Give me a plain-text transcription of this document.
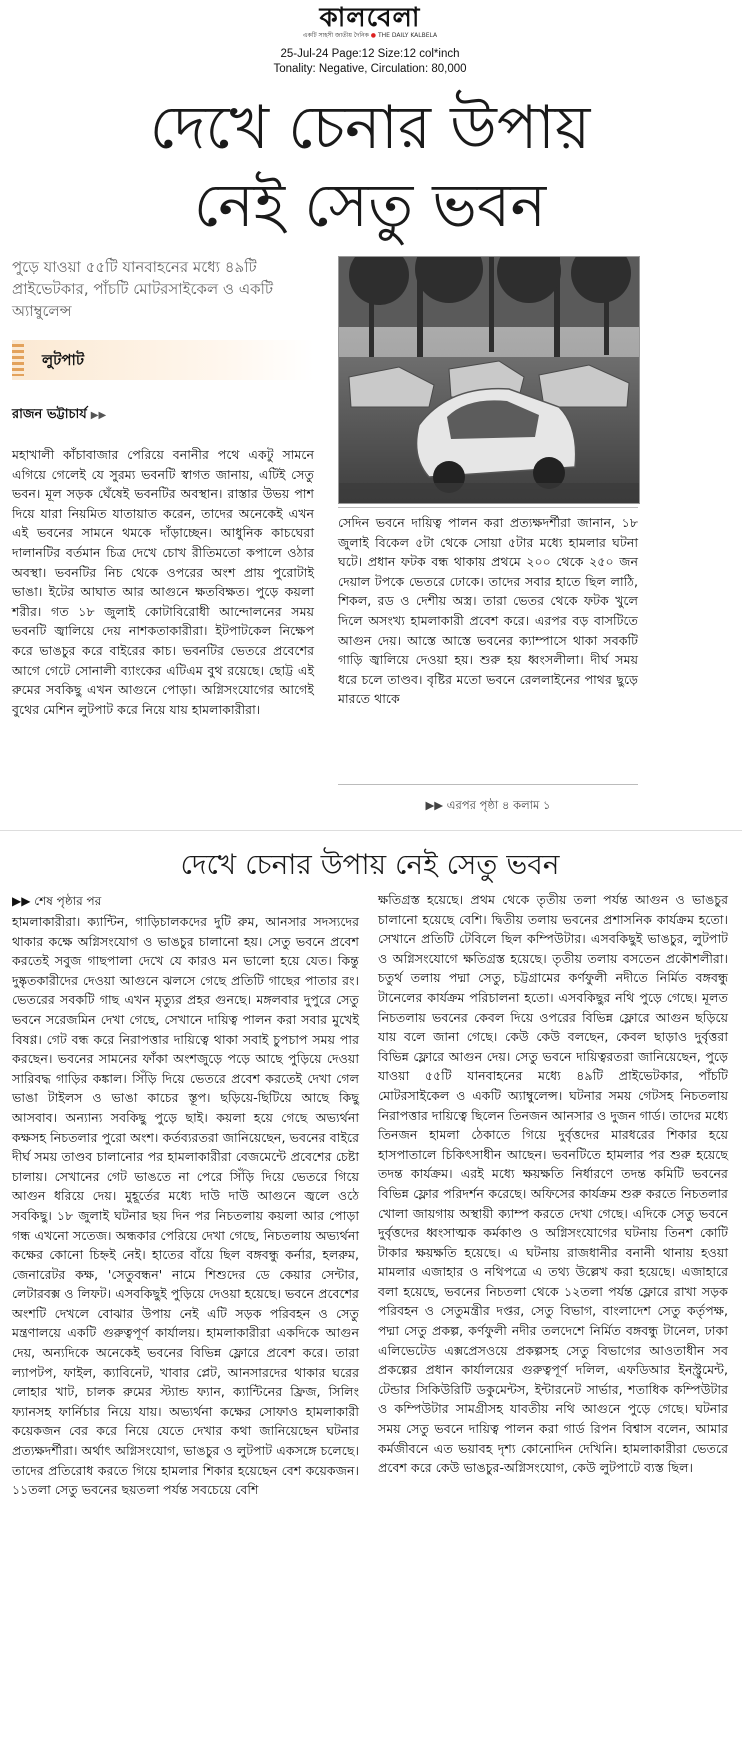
কালবেলা
একটি সাহসী জাতীয় দৈনিক ● THE DAILY KALBELA
25-Jul-24 Page:12 Size:12 col*inch
Tonality: Negative, Circulation: 80,000
দেখে চেনার উপায়
নেই সেতু ভবন
পুড়ে যাওয়া ৫৫টি যানবাহনের মধ্যে ৪৯টি প্রাইভেটকার, পাঁচটি মোটরসাইকেল ও একটি অ্যাম্বুলেন্স
লুটপাট
রাজন ভট্টাচার্য ▶▶
মহাখালী কাঁচাবাজার পেরিয়ে বনানীর পথে একটু সামনে এগিয়ে গেলেই যে সুরম্য ভবনটি স্বাগত জানায়, এটিই সেতু ভবন। মূল সড়ক ঘেঁষেই ভবনটির অবস্থান। রাস্তার উভয় পাশ দিয়ে যারা নিয়মিত যাতায়াত করেন, তাদের অনেকেই এখন এই ভবনের সামনে থমকে দাঁড়াচ্ছেন। আধুনিক কাচঘেরা দালানটির বর্তমান চিত্র দেখে চোখ রীতিমতো কপালে ওঠার অবস্থা। ভবনটির নিচ থেকে ওপরের অংশ প্রায় পুরোটাই ভাঙা। ইটের আঘাত আর আগুনে ক্ষতবিক্ষত। পুড়ে কয়লা শরীর। গত ১৮ জুলাই কোটাবিরোধী আন্দোলনের সময় ভবনটি জ্বালিয়ে দেয় নাশকতাকারীরা। ইটপাটকেল নিক্ষেপ করে ভাঙচুর করে বাইরের কাচ। ভবনটির ভেতরে প্রবেশের আগে গেটে সোনালী ব্যাংকের এটিএম বুথ রয়েছে। ছোট্ট এই রুমের সবকিছু এখন আগুনে পোড়া। অগ্নিসংযোগের আগেই বুথের মেশিন লুটপাট করে নিয়ে যায় হামলাকারীরা।
সেদিন ভবনে দায়িত্ব পালন করা প্রত্যক্ষদর্শীরা জানান, ১৮ জুলাই বিকেল ৫টা থেকে সোয়া ৫টার মধ্যে হামলার ঘটনা ঘটে। প্রধান ফটক বন্ধ থাকায় প্রথমে ২০০ থেকে ২৫০ জন দেয়াল টপকে ভেতরে ঢোকে। তাদের সবার হাতে ছিল লাঠি, শিকল, রড ও দেশীয় অস্ত্র। তারা ভেতর থেকে ফটক খুলে দিলে অসংখ্য হামলাকারী প্রবেশ করে। এরপর বড় বাসটিতে আগুন দেয়। আস্তে আস্তে ভবনের ক্যাম্পাসে থাকা সবকটি গাড়ি জ্বালিয়ে দেওয়া হয়। শুরু হয় ধ্বংসলীলা। দীর্ঘ সময় ধরে চলে তাণ্ডব। বৃষ্টির মতো ভবনে রেললাইনের পাথর ছুড়ে মারতে থাকে
▶▶ এরপর পৃষ্ঠা ৪ কলাম ১
দেখে চেনার উপায় নেই সেতু ভবন
▶▶ শেষ পৃষ্ঠার পর
হামলাকারীরা। ক্যান্টিন, গাড়িচালকদের দুটি রুম, আনসার সদস্যদের থাকার কক্ষে অগ্নিসংযোগ ও ভাঙচুর চালানো হয়। সেতু ভবনে প্রবেশ করতেই সবুজ গাছপালা দেখে যে কারও মন ভালো হয়ে যেত। কিন্তু দুষ্কৃতকারীদের দেওয়া আগুনে ঝলসে গেছে প্রতিটি গাছের পাতার রং। ভেতরের সবকটি গাছ এখন মৃত্যুর প্রহর গুনছে। মঙ্গলবার দুপুরে সেতু ভবনে সরেজমিন দেখা গেছে, সেখানে দায়িত্ব পালন করা সবার মুখেই বিষণ্ণ। গেট বন্ধ করে নিরাপত্তার দায়িত্বে থাকা সবাই চুপচাপ সময় পার করছেন। ভবনের সামনের ফাঁকা অংশজুড়ে পড়ে আছে পুড়িয়ে দেওয়া সারিবদ্ধ গাড়ির কঙ্কাল। সিঁড়ি দিয়ে ভেতরে প্রবেশ করতেই দেখা গেল ভাঙা টাইলস ও ভাঙা কাচের স্তূপ। ছড়িয়ে-ছিটিয়ে আছে কিছু আসবাব। অন্যান্য সবকিছু পুড়ে ছাই। কয়লা হয়ে গেছে অভ্যর্থনা কক্ষসহ নিচতলার পুরো অংশ। কর্তব্যরতরা জানিয়েছেন, ভবনের বাইরে দীর্ঘ সময় তাণ্ডব চালানোর পর হামলাকারীরা বেজমেন্টে প্রবেশের চেষ্টা চালায়। সেখানের গেট ভাঙতে না পেরে সিঁড়ি দিয়ে ভেতরে গিয়ে আগুন ধরিয়ে দেয়। মুহূর্তের মধ্যে দাউ দাউ আগুনে জ্বলে ওঠে সবকিছু। ১৮ জুলাই ঘটনার ছয় দিন পর নিচতলায় কয়লা আর পোড়া গন্ধ এখনো সতেজ। অন্ধকার পেরিয়ে দেখা গেছে, নিচতলায় অভ্যর্থনা কক্ষের কোনো চিহ্নই নেই। হাতের বাঁয়ে ছিল বঙ্গবন্ধু কর্নার, হলরুম, জেনারেটর কক্ষ, 'সেতুবন্ধন' নামে শিশুদের ডে কেয়ার সেন্টার, লেটারবক্স ও লিফট। এসবকিছুই পুড়িয়ে দেওয়া হয়েছে। ভবনে প্রবেশের অংশটি দেখলে বোঝার উপায় নেই এটি সড়ক পরিবহন ও সেতু মন্ত্রণালয়ে একটি গুরুত্বপূর্ণ কার্যালয়। হামলাকারীরা একদিকে আগুন দেয়, অন্যদিকে অনেকেই ভবনের বিভিন্ন ফ্লোরে প্রবেশ করে। তারা ল্যাপটপ, ফাইল, ক্যাবিনেট, খাবার প্লেট, আনসারদের থাকার ঘরের লোহার খাট, চালক রুমের স্ট্যান্ড ফ্যান, ক্যান্টিনের ফ্রিজ, সিলিং ফ্যানসহ ফার্নিচার নিয়ে যায়। অভ্যর্থনা কক্ষের সোফাও হামলাকারী কয়েকজন বের করে নিয়ে যেতে দেখার কথা জানিয়েছেন ঘটনার প্রত্যক্ষদর্শীরা। অর্থাৎ অগ্নিসংযোগ, ভাঙচুর ও লুটপাট একসঙ্গে চলেছে। তাদের প্রতিরোধ করতে গিয়ে হামলার শিকার হয়েছেন বেশ কয়েকজন। ১১তলা সেতু ভবনের ছয়তলা পর্যন্ত সবচেয়ে বেশি
ক্ষতিগ্রস্ত হয়েছে। প্রথম থেকে তৃতীয় তলা পর্যন্ত আগুন ও ভাঙচুর চালানো হয়েছে বেশি। দ্বিতীয় তলায় ভবনের প্রশাসনিক কার্যক্রম হতো। সেখানে প্রতিটি টেবিলে ছিল কম্পিউটার। এসবকিছুই ভাঙচুর, লুটপাট ও অগ্নিসংযোগে ক্ষতিগ্রস্ত হয়েছে। তৃতীয় তলায় বসতেন প্রকৌশলীরা। চতুর্থ তলায় পদ্মা সেতু, চট্টগ্রামের কর্ণফুলী নদীতে নির্মিত বঙ্গবন্ধু টানেলের কার্যক্রম পরিচালনা হতো। এসবকিছুর নথি পুড়ে গেছে। মূলত নিচতলায় ভবনের কেবল দিয়ে ওপরের বিভিন্ন ফ্লোরে আগুন ছড়িয়ে যায় বলে জানা গেছে। কেউ কেউ বলছেন, কেবল ছাড়াও দুর্বৃত্তরা বিভিন্ন ফ্লোরে আগুন দেয়। সেতু ভবনে দায়িত্বরতরা জানিয়েছেন, পুড়ে যাওয়া ৫৫টি যানবাহনের মধ্যে ৪৯টি প্রাইভেটকার, পাঁচটি মোটরসাইকেল ও একটি অ্যাম্বুলেন্স। ঘটনার সময় গেটসহ নিচতলায় নিরাপত্তার দায়িত্বে ছিলেন তিনজন আনসার ও দুজন গার্ড। তাদের মধ্যে তিনজন হামলা ঠেকাতে গিয়ে দুর্বৃত্তদের মারধরের শিকার হয়ে হাসপাতালে চিকিৎসাধীন আছেন। ভবনটিতে হামলার পর শুরু হয়েছে তদন্ত কার্যক্রম। এরই মধ্যে ক্ষয়ক্ষতি নির্ধারণে তদন্ত কমিটি ভবনের বিভিন্ন ফ্লোর পরিদর্শন করেছে। অফিসের কার্যক্রম শুরু করতে নিচতলার খোলা জায়গায় অস্থায়ী ক্যাম্প করতে দেখা গেছে। এদিকে সেতু ভবনে দুর্বৃত্তদের ধ্বংসাত্মক কর্মকাণ্ড ও অগ্নিসংযোগের ঘটনায় তিনশ কোটি টাকার ক্ষয়ক্ষতি হয়েছে। এ ঘটনায় রাজধানীর বনানী থানায় হওয়া মামলার এজাহার ও নথিপত্রে এ তথ্য উল্লেখ করা হয়েছে। এজাহারে বলা হয়েছে, ভবনের নিচতলা থেকে ১২তলা পর্যন্ত ফ্লোরে রাখা সড়ক পরিবহন ও সেতুমন্ত্রীর দপ্তর, সেতু বিভাগ, বাংলাদেশ সেতু কর্তৃপক্ষ, পদ্মা সেতু প্রকল্প, কর্ণফুলী নদীর তলদেশে নির্মিত বঙ্গবন্ধু টানেল, ঢাকা এলিভেটেড এক্সপ্রেসওয়ে প্রকল্পসহ সেতু বিভাগের আওতাধীন সব প্রকল্পের প্রধান কার্যালয়ের গুরুত্বপূর্ণ দলিল, এফডিআর ইনস্ট্রুমেন্ট, টেন্ডার সিকিউরিটি ডকুমেন্টস, ইন্টারনেট সার্ভার, শতাধিক কম্পিউটার ও কম্পিউটার সামগ্রীসহ যাবতীয় নথি আগুনে পুড়ে গেছে। ঘটনার সময় সেতু ভবনে দায়িত্ব পালন করা গার্ড রিপন বিশ্বাস বলেন, আমার কর্মজীবনে এত ভয়াবহ দৃশ্য কোনোদিন দেখিনি। হামলাকারীরা ভেতরে প্রবেশ করে কেউ ভাঙচুর-অগ্নিসংযোগ, কেউ লুটপাটে ব্যস্ত ছিল।
